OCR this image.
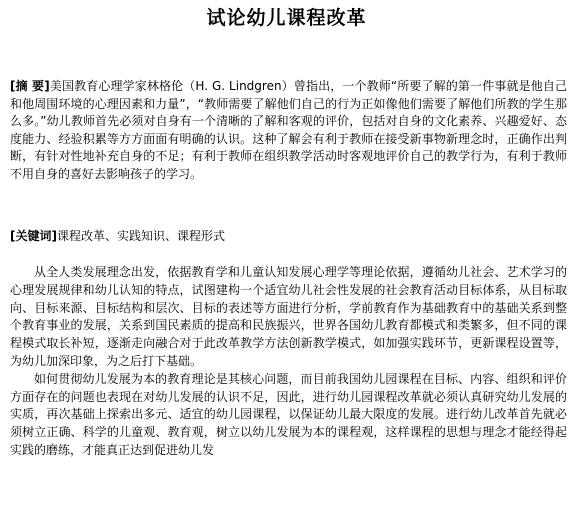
试论幼儿课程改革

[摘 要]美国教育心理学家林格伦（H. G. Lindgren）曾指出，一个教师“所要了解的第一件事就是他自己和他周围环境的心理因素和力量”，“教师需要了解他们自己的行为正如像他们需要了解他们所教的学生那么多。”幼儿教师首先必须对自身有一个清晰的了解和客观的评价，包括对自身的文化素养、兴趣爱好、态度能力、经验积累等方方面面有明确的认识。这种了解会有利于教师在接受新事物新理念时，正确作出判断，有针对性地补充自身的不足；有利于教师在组织教学活动时客观地评价自己的教学行为，有利于教师不用自身的喜好去影响孩子的学习。

[关键词]课程改革、实践知识、课程形式

从全人类发展理念出发，依据教育学和儿童认知发展心理学等理论依据，遵循幼儿社会、艺术学习的心理发展规律和幼儿认知的特点，试图建构一个适宜幼儿社会性发展的社会教育活动目标体系，从目标取向、目标来源、目标结构和层次、目标的表述等方面进行分析，学前教育作为基础教育中的基础关系到整个教育事业的发展，关系到国民素质的提高和民族振兴，世界各国幼儿教育都模式和类繁多，但不同的课程模式取长补短，逐渐走向融合对于此改革教学方法创新教学模式，如加强实践环节，更新课程设置等，为幼儿加深印象，为之后打下基础。

如何贯彻幼儿发展为本的教育理论是其核心问题，而目前我国幼儿园课程在目标、内容、组织和评价方面存在的问题也表现在对幼儿发展的认识不足，因此，进行幼儿园课程改革就必须认真研究幼儿发展的实质，再次基础上探索出多元、适宜的幼儿园课程，以保证幼儿最大限度的发展。进行幼儿改革首先就必须树立正确、科学的儿童观、教育观，树立以幼儿发展为本的课程观，这样课程的思想与理念才能经得起实践的磨练，才能真正达到促进幼儿发
